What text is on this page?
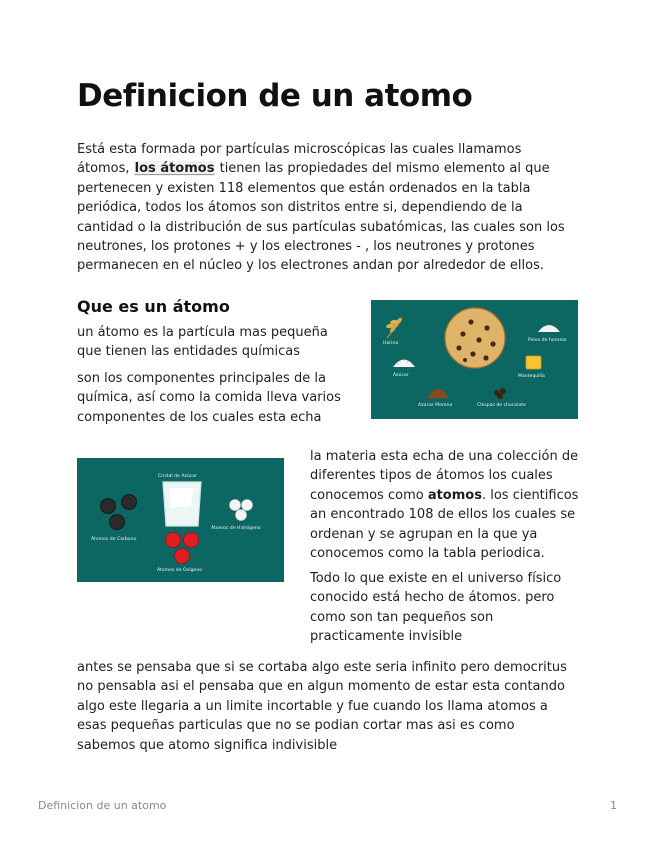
Definicion de un atomo

Está esta formada por partículas microscópicas las cuales llamamos átomos, los átomos tienen las propiedades del mismo elemento al que pertenecen y existen 118 elementos que están ordenados en la tabla periódica, todos los átomos son distritos entre si, dependiendo de la cantidad o la distribución de sus partículas subatómicas, las cuales son los neutrones, los protones + y los electrones - , los neutrones y protones permanecen en el núcleo y los electrones andan por alrededor de ellos.

Que es un átomo

un átomo es la partícula mas pequeña que tienen las entidades químicas

son los componentes principales de la química, así como la comida lleva varios componentes de los cuales esta echa

Harina
Polvo de hornear
Azúcar	Mantequilla
Azúcar Moreno	Chispas de chocolate
Cristal de Azúcar
Átomos de Carbono
Átomos de Hidrógeno
Átomos de Oxígeno

la materia esta echa de una colección de diferentes tipos de átomos los cuales conocemos como atomos. los cientificos an encontrado 108 de ellos los cuales se ordenan y se agrupan en la que ya conocemos como la tabla periodica.

Todo lo que existe en el universo físico conocido está hecho de átomos. pero como son tan pequeños son practicamente invisible

antes se pensaba que si se cortaba algo este seria infinito pero democritus no pensabla asi el pensaba que en algun momento de estar esta contando algo este llegaria a un limite incortable y fue cuando los llama atomos a esas pequeñas particulas que no se podian cortar mas asi es como sabemos que atomo significa indivisible

Definicion de un atomo	1
